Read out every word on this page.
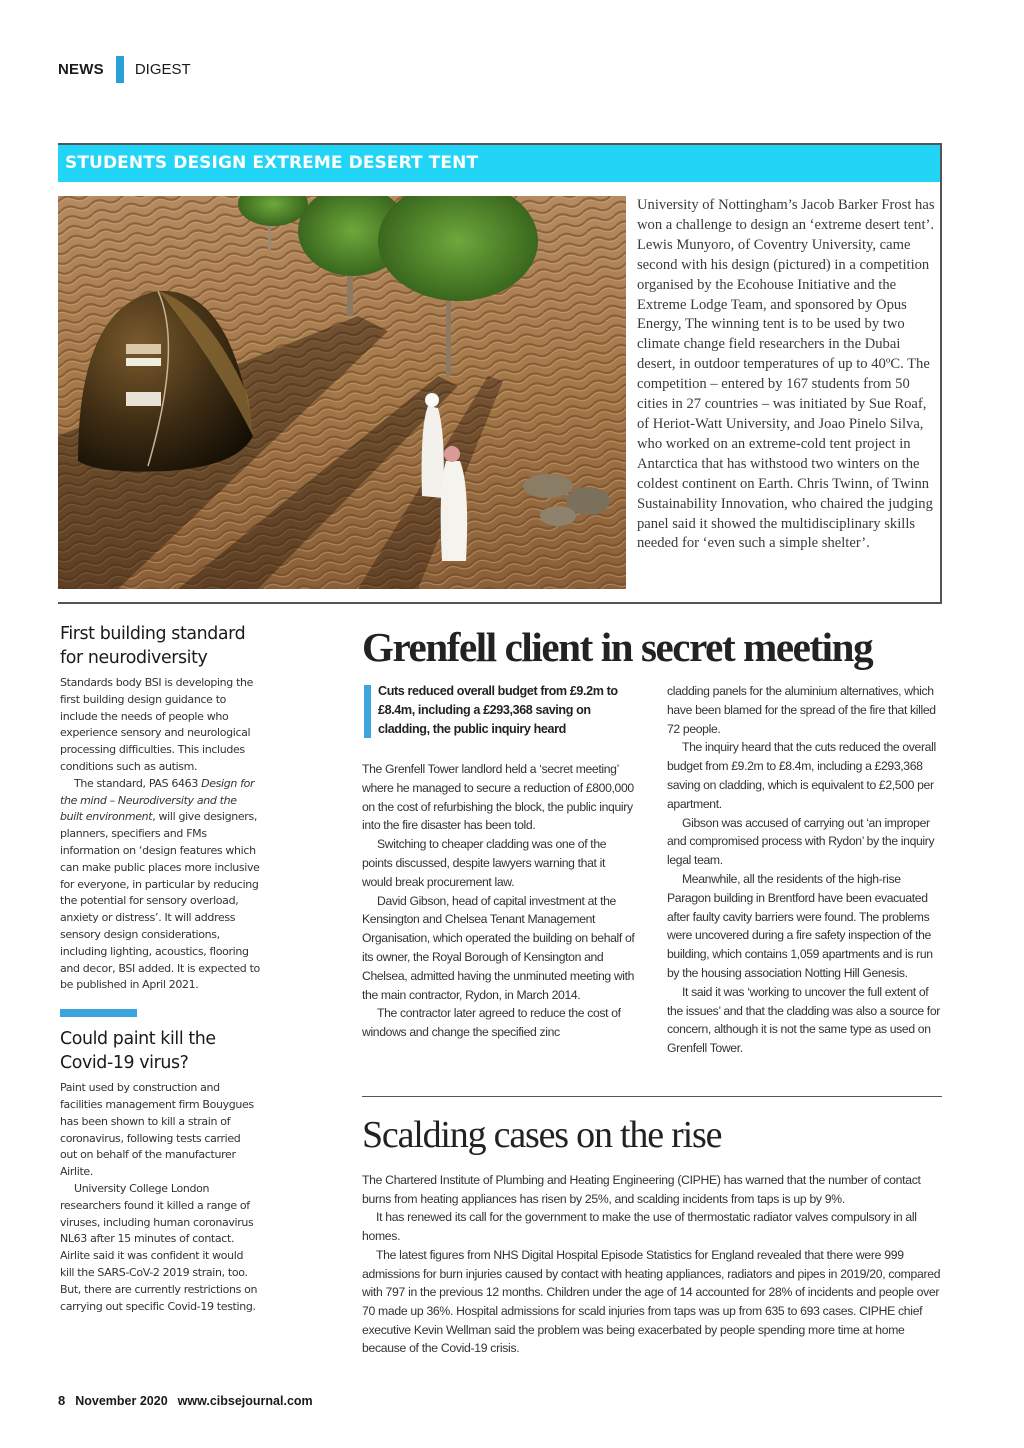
NEWS DIGEST
STUDENTS DESIGN EXTREME DESERT TENT
University of Nottingham’s Jacob Barker Frost has won a challenge to design an ‘extreme desert tent’. Lewis Munyoro, of Coventry University, came second with his design (pictured) in a competition organised by the Ecohouse Initiative and the Extreme Lodge Team, and sponsored by Opus Energy, The winning tent is to be used by two climate change field researchers in the Dubai desert, in outdoor temperatures of up to 40ºC. The competition – entered by 167 students from 50 cities in 27 countries – was initiated by Sue Roaf, of Heriot-Watt University, and Joao Pinelo Silva, who worked on an extreme-cold tent project in Antarctica that has withstood two winters on the coldest continent on Earth. Chris Twinn, of Twinn Sustainability Innovation, who chaired the judging panel said it showed the multidisciplinary skills needed for ‘even such a simple shelter’.
First building standard for neurodiversity

Standards body BSI is developing the first building design guidance to include the needs of people who experience sensory and neurological processing difficulties. This includes conditions such as autism.

The standard, PAS 6463 Design for the mind – Neurodiversity and the built environment, will give designers, planners, specifiers and FMs information on ‘design features which can make public places more inclusive for everyone, in particular by reducing the potential for sensory overload, anxiety or distress’. It will address sensory design considerations, including lighting, acoustics, flooring and decor, BSI added. It is expected to be published in April 2021.

Could paint kill the Covid-19 virus?

Paint used by construction and facilities management firm Bouygues has been shown to kill a strain of coronavirus, following tests carried out on behalf of the manufacturer Airlite.

University College London researchers found it killed a range of viruses, including human coronavirus NL63 after 15 minutes of contact. Airlite said it was confident it would kill the SARS-CoV-2 2019 strain, too. But, there are currently restrictions on carrying out specific Covid-19 testing.

Grenfell client in secret meeting
Cuts reduced overall budget from £9.2m to £8.4m, including a £293,368 saving on cladding, the public inquiry heard

The Grenfell Tower landlord held a ‘secret meeting’ where he managed to secure a reduction of £800,000 on the cost of refurbishing the block, the public inquiry into the fire disaster has been told.

Switching to cheaper cladding was one of the points discussed, despite lawyers warning that it would break procurement law.

David Gibson, head of capital investment at the Kensington and Chelsea Tenant Management Organisation, which operated the building on behalf of its owner, the Royal Borough of Kensington and Chelsea, admitted having the unminuted meeting with the main contractor, Rydon, in March 2014.

The contractor later agreed to reduce the cost of windows and change the specified zinc

cladding panels for the aluminium alternatives, which have been blamed for the spread of the fire that killed 72 people.

The inquiry heard that the cuts reduced the overall budget from £9.2m to £8.4m, including a £293,368 saving on cladding, which is equivalent to £2,500 per apartment.

Gibson was accused of carrying out ‘an improper and compromised process with Rydon’ by the inquiry legal team.

Meanwhile, all the residents of the high-rise Paragon building in Brentford have been evacuated after faulty cavity barriers were found. The problems were uncovered during a fire safety inspection of the building, which contains 1,059 apartments and is run by the housing association Notting Hill Genesis.

It said it was ‘working to uncover the full extent of the issues’ and that the cladding was also a source for concern, although it is not the same type as used on Grenfell Tower.

Scalding cases on the rise

The Chartered Institute of Plumbing and Heating Engineering (CIPHE) has warned that the number of contact burns from heating appliances has risen by 25%, and scalding incidents from taps is up by 9%.

It has renewed its call for the government to make the use of thermostatic radiator valves compulsory in all homes.

The latest figures from NHS Digital Hospital Episode Statistics for England revealed that there were 999 admissions for burn injuries caused by contact with heating appliances, radiators and pipes in 2019/20, compared with 797 in the previous 12 months. Children under the age of 14 accounted for 28% of incidents and people over 70 made up 36%. Hospital admissions for scald injuries from taps was up from 635 to 693 cases. CIPHE chief executive Kevin Wellman said the problem was being exacerbated by people spending more time at home because of the Covid-19 crisis.

8 November 2020 www.cibsejournal.com
